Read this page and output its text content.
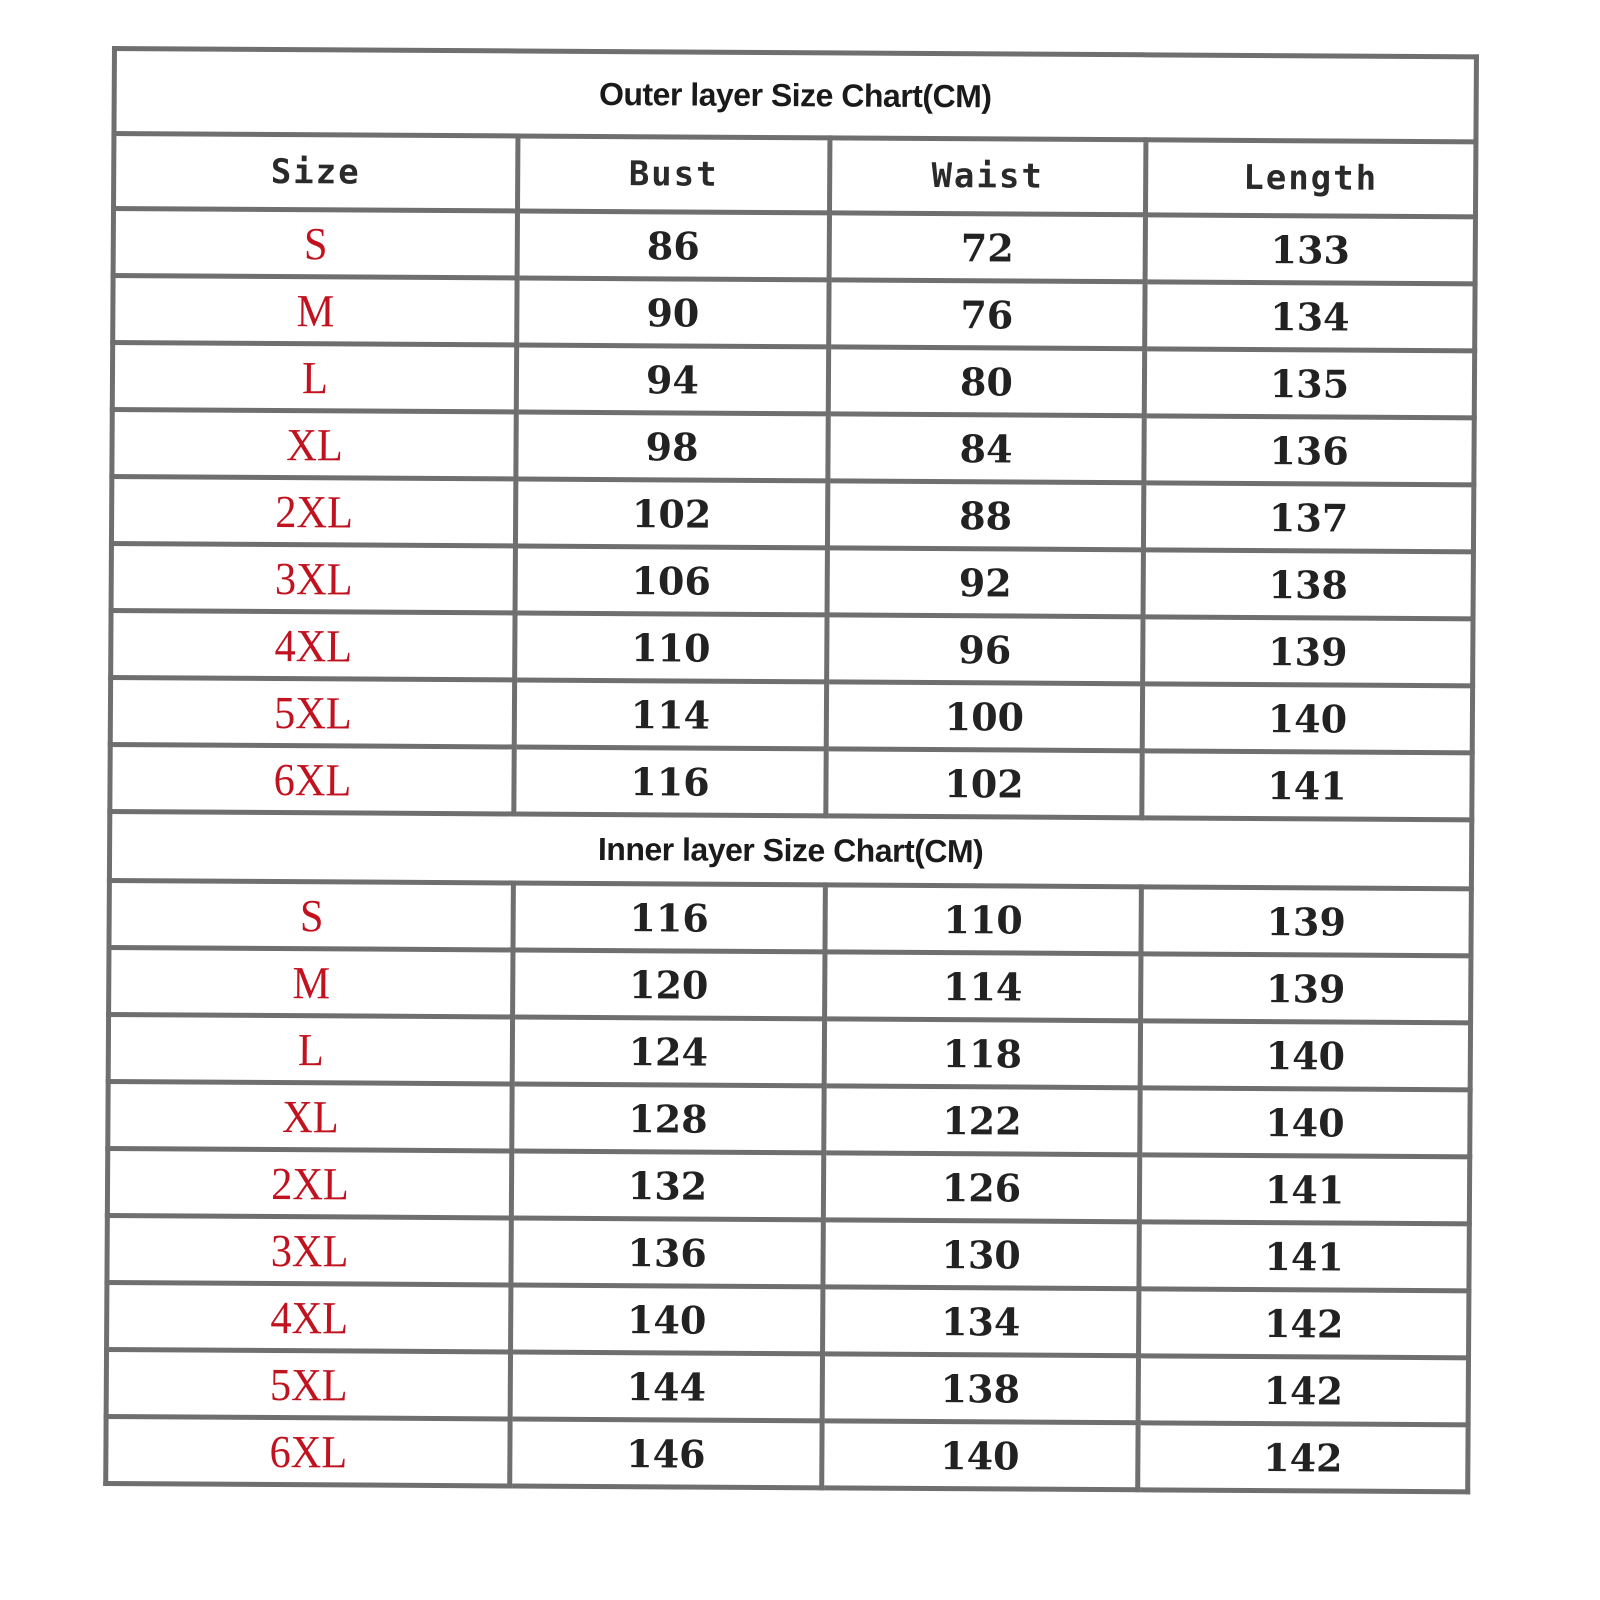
Outer layer Size Chart(CM)			
Size	Bust	Waist	Length
S	86	72	133
M	90	76	134
L	94	80	135
XL	98	84	136
2XL	102	88	137
3XL	106	92	138
4XL	110	96	139
5XL	114	100	140
6XL	116	102	141
Inner layer Size Chart(CM)			
S	116	110	139
M	120	114	139
L	124	118	140
XL	128	122	140
2XL	132	126	141
3XL	136	130	141
4XL	140	134	142
5XL	144	138	142
6XL	146	140	142
